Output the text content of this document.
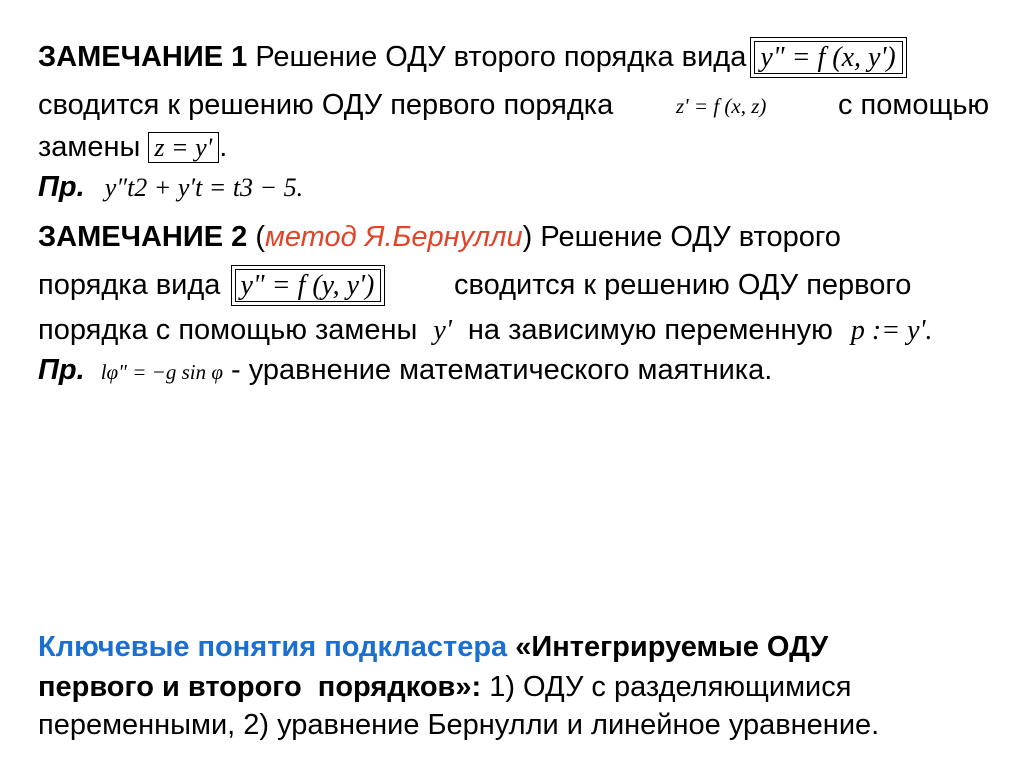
ЗАМЕЧАНИЕ 1 Решение ОДУ второго порядка вида y" = f (x, y')
сводится к решению ОДУ первого порядка	z' = f (x, z) с помощью
замены z = y' .
Пр. y″t2 + y′t = t3 − 5.
ЗАМЕЧАНИЕ 2 (метод Я.Бернулли) Решение ОДУ второго
порядка вида y" = f (y, y')	сводится к решению ОДУ первого
порядка с помощью замены y' на зависимую переменную p := y'.
Пр. lφ" = −g sin φ - уравнение математического маятника.
Ключевые понятия подкластера «Интегрируемые ОДУ
первого и второго  порядков»: 1) ОДУ с разделяющимися
переменными, 2) уравнение Бернулли и линейное уравнение.
